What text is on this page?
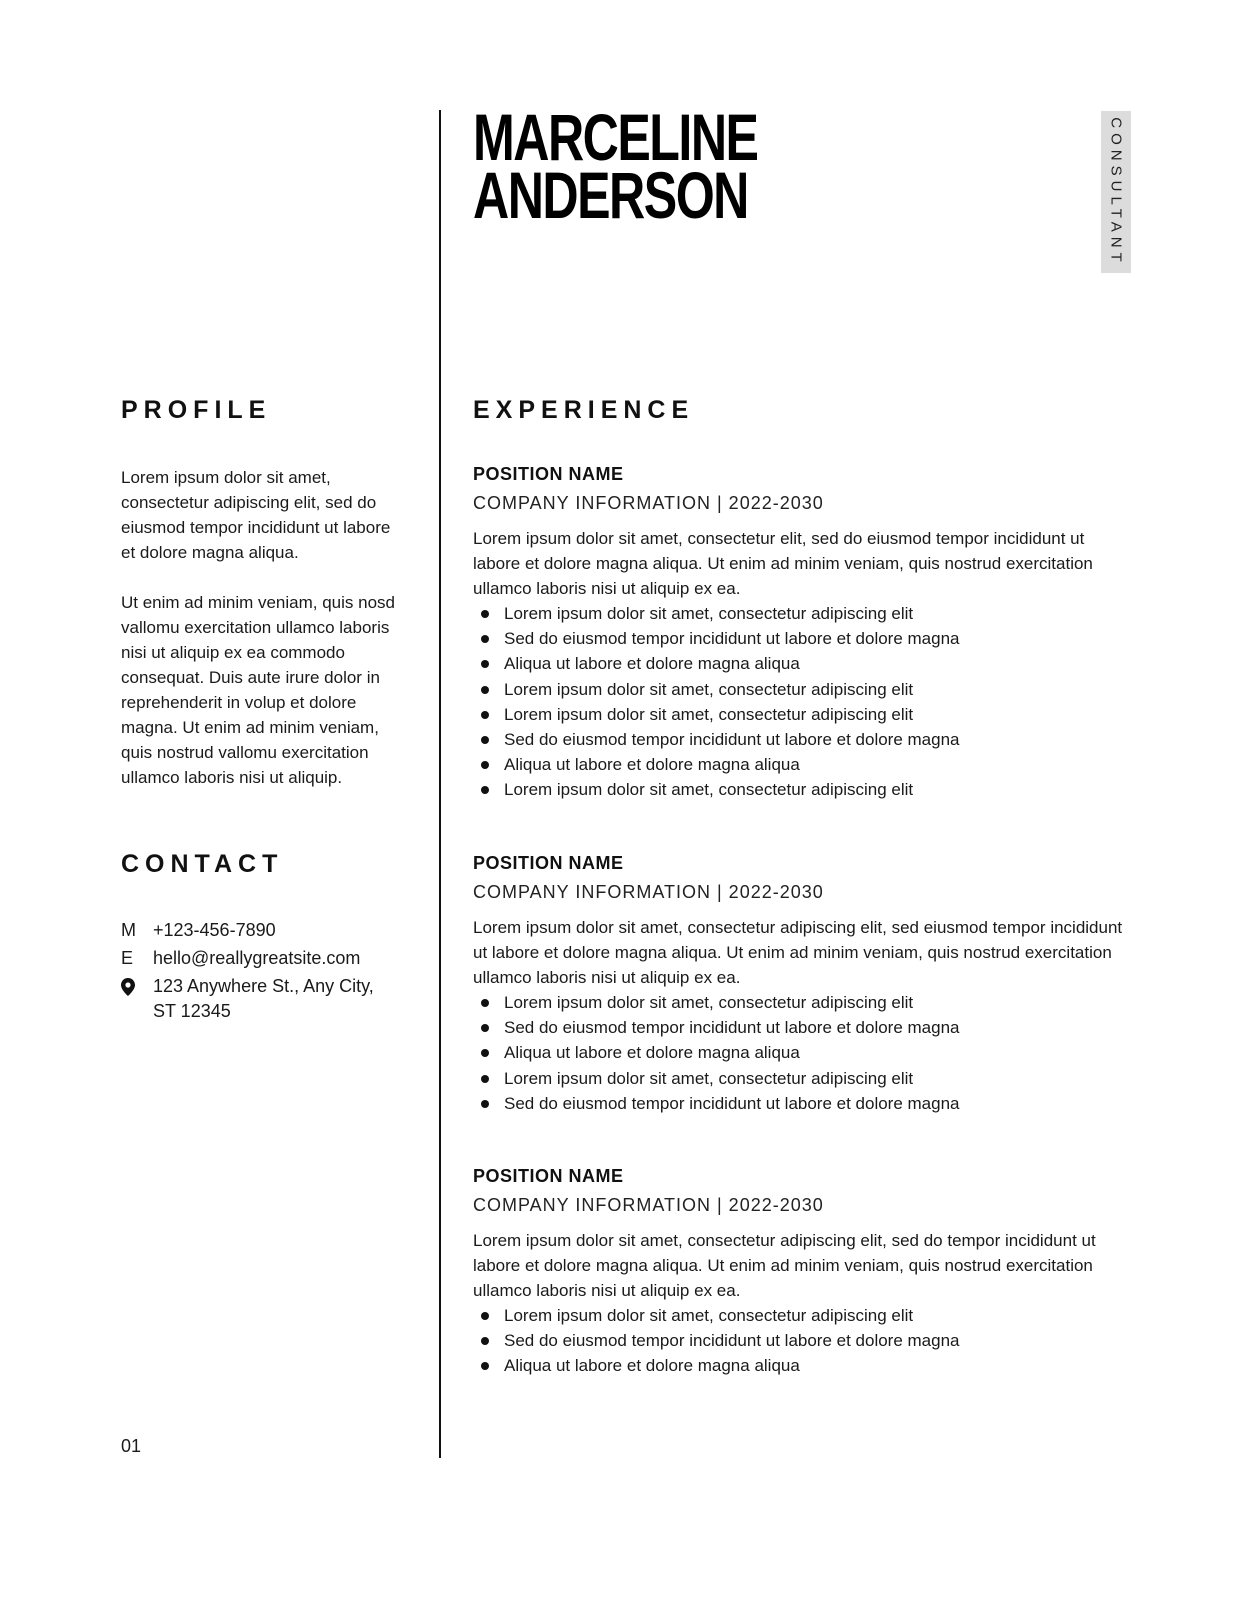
MARCELINE
ANDERSON	CONSULTANT
PROFILE

Lorem ipsum dolor sit amet, consectetur adipiscing elit, sed do eiusmod tempor incididunt ut labore et dolore magna aliqua.

Ut enim ad minim veniam, quis nosd vallomu exercitation ullamco laboris nisi ut aliquip ex ea commodo consequat. Duis aute irure dolor in reprehenderit in volup et dolore magna. Ut enim ad minim veniam, quis nostrud vallomu exercitation ullamco laboris nisi ut aliquip.

CONTACT
M +123-456-7890
E	hello@reallygreatsite.com
123 Anywhere St., Any City,
ST 12345
01
EXPERIENCE
POSITION NAME
COMPANY INFORMATION | 2022-2030
Lorem ipsum dolor sit amet, consectetur elit, sed do eiusmod tempor incididunt ut labore et dolore magna aliqua. Ut enim ad minim veniam, quis nostrud exercitation ullamco laboris nisi ut aliquip ex ea.
Lorem ipsum dolor sit amet, consectetur adipiscing elit
Sed do eiusmod tempor incididunt ut labore et dolore magna
Aliqua ut labore et dolore magna aliqua
Lorem ipsum dolor sit amet, consectetur adipiscing elit
Lorem ipsum dolor sit amet, consectetur adipiscing elit
Sed do eiusmod tempor incididunt ut labore et dolore magna
Aliqua ut labore et dolore magna aliqua
Lorem ipsum dolor sit amet, consectetur adipiscing elit
POSITION NAME
COMPANY INFORMATION | 2022-2030
Lorem ipsum dolor sit amet, consectetur adipiscing elit, sed eiusmod tempor incididunt ut labore et dolore magna aliqua. Ut enim ad minim veniam, quis nostrud exercitation ullamco laboris nisi ut aliquip ex ea.
Lorem ipsum dolor sit amet, consectetur adipiscing elit
Sed do eiusmod tempor incididunt ut labore et dolore magna
Aliqua ut labore et dolore magna aliqua
Lorem ipsum dolor sit amet, consectetur adipiscing elit
Sed do eiusmod tempor incididunt ut labore et dolore magna
POSITION NAME
COMPANY INFORMATION | 2022-2030
Lorem ipsum dolor sit amet, consectetur adipiscing elit, sed do tempor incididunt ut labore et dolore magna aliqua. Ut enim ad minim veniam, quis nostrud exercitation ullamco laboris nisi ut aliquip ex ea.
Lorem ipsum dolor sit amet, consectetur adipiscing elit
Sed do eiusmod tempor incididunt ut labore et dolore magna
Aliqua ut labore et dolore magna aliqua
